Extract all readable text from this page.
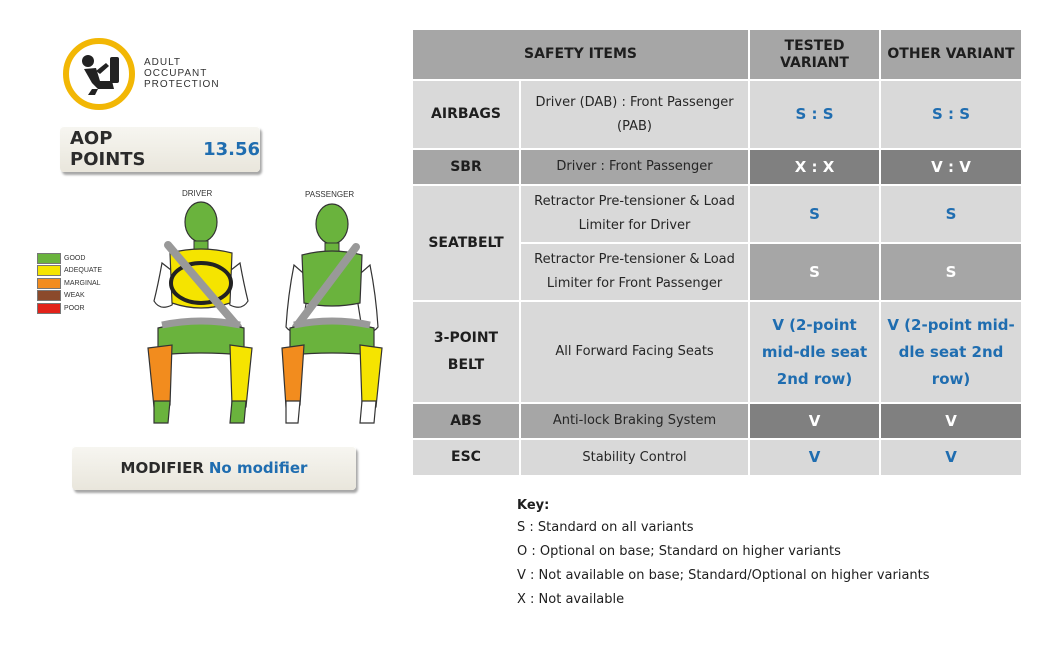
ADULT
OCCUPANT
PROTECTION
AOP POINTS	13.56
GOOD
ADEQUATE
MARGINAL
WEAK
POOR
DRIVER	PASSENGER
MODIFIER No modifier
SAFETY ITEMS		TESTED VARIANT	OTHER VARIANT
AIRBAGS	Driver (DAB) : Front Passenger (PAB)	S : S	S : S
SBR	Driver : Front Passenger	X : X	V : V
SEATBELT	Retractor Pre-tensioner & Load Limiter for Driver	S	S
	Retractor Pre-tensioner & Load Limiter for Front Passenger	S	S
3-POINT BELT	All Forward Facing Seats	V (2-point mid-dle seat 2nd row)	V (2-point mid-dle seat 2nd row)
ABS	Anti-lock Braking System	V	V
ESC	Stability Control	V	V
Key:
S : Standard on all variants
O : Optional on base; Standard on higher variants
V : Not available on base; Standard/Optional on higher variants
X : Not available
